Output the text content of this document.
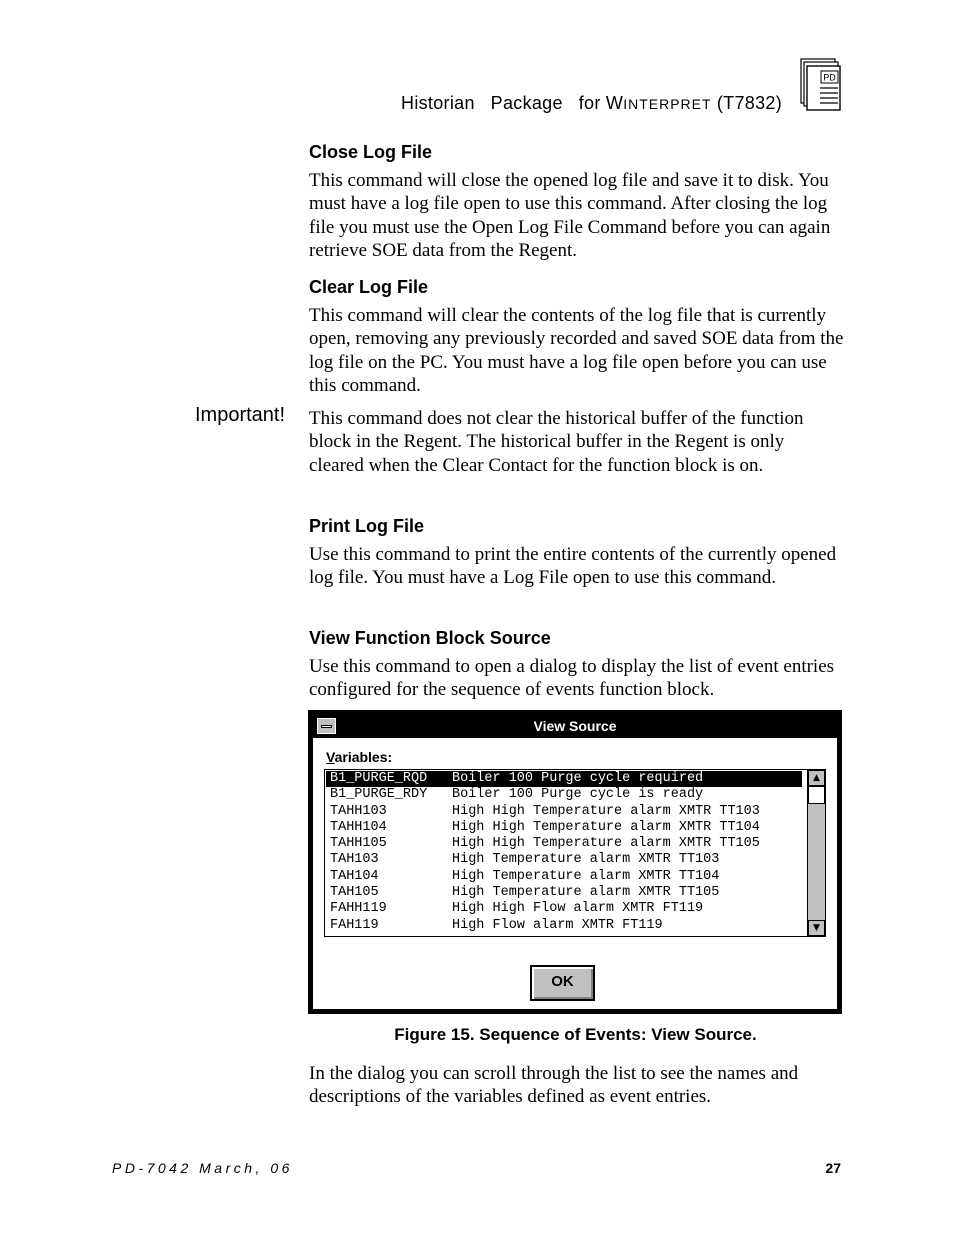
Historian   Package   for WINTERPRET (T7832)
PD
Close Log File

This command will close the opened log file and save it to disk. You must have a log file open to use this command. After closing the log file you must use the Open Log File Command before you can again retrieve SOE data from the Regent.

Clear Log File

This command will clear the contents of the log file that is currently open, removing any previously recorded and saved SOE data from the log file on the PC. You must have a log file open before you can use this command.

Important! This command does not clear the historical buffer of the function block in the Regent. The historical buffer in the Regent is only cleared when the Clear Contact for the function block is on.

Print Log File

Use this command to print the entire contents of the currently opened log file. You must have a Log File open to use this command.

View Function Block Source

Use this command to open a dialog to display the list of event entries configured for the sequence of events function block.

View Source
Variables:
B1_PURGE_RQD Boiler 100 Purge cycle required
B1_PURGE_RDY Boiler 100 Purge cycle is ready
TAHH103	High High Temperature alarm XMTR TT103
TAHH104	High High Temperature alarm XMTR TT104
TAHH105	High High Temperature alarm XMTR TT105
TAH103	High Temperature alarm XMTR TT103
TAH104	High Temperature alarm XMTR TT104
TAH105	High Temperature alarm XMTR TT105
FAHH119	High High Flow alarm XMTR FT119
FAH119	High Flow alarm XMTR FT119
▲
▼
OK
Figure 15. Sequence of Events: View Source.

In the dialog you can scroll through the list to see the names and descriptions of the variables defined as event entries.

PD-7042 March, 06	27
